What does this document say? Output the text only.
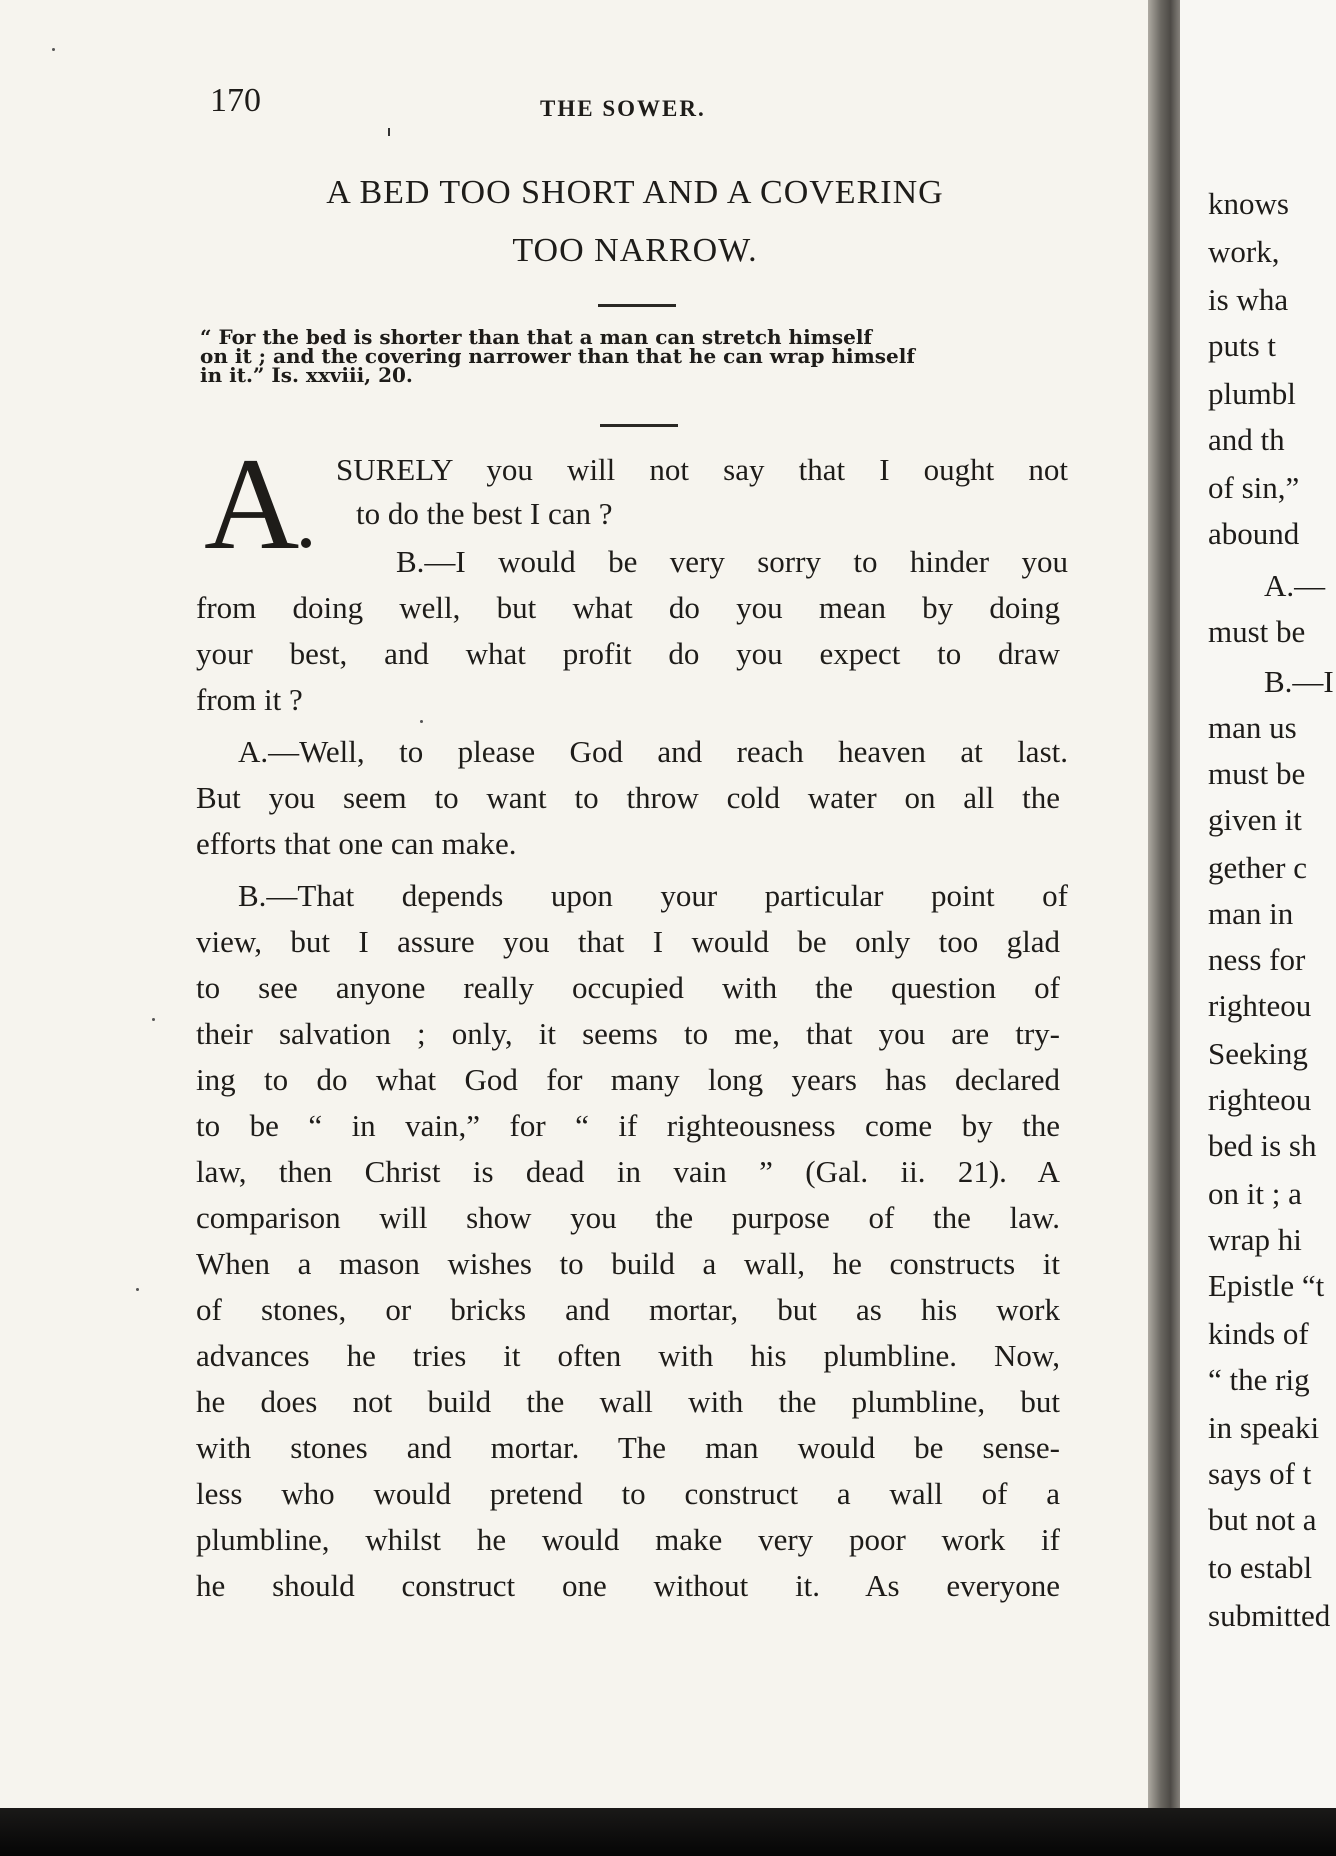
170	THE SOWER.
A BED TOO SHORT AND A COVERING
TOO NARROW.
“ For the bed is shorter than that a man can stretch himself
on it ; and the covering narrower than that he can wrap himself
in it.” Is. xxviii, 20.
A SURELY you will not say that I ought not
to do the best I can ?
B.—I would be very sorry to hinder you
from doing well, but what do you mean by doing
your best, and what profit do you expect to draw
from it ?
A.—Well, to please God and reach heaven at last.
But you seem to want to throw cold water on all the
efforts that one can make.
B.—That depends upon your particular point of
view, but I assure you that I would be only too glad
to see anyone really occupied with the question of
their salvation ; only, it seems to me, that you are try-
ing to do what God for many long years has declared
to be “ in vain,” for “ if righteousness come by the
law, then Christ is dead in vain ” (Gal. ii. 21). A
comparison will show you the purpose of the law.
When a mason wishes to build a wall, he constructs it
of stones, or bricks and mortar, but as his work
advances he tries it often with his plumbline. Now,
he does not build the wall with the plumbline, but
with stones and mortar. The man would be sense-
less who would pretend to construct a wall of a
plumbline, whilst he would make very poor work if
he should construct one without it. As everyone
knows
work,
is wha
puts t
plumbl
and th
of sin,”
abound
A.—
must be
B.—I
man us
must be
given it
gether c
man in
ness for
righteou
Seeking
righteou
bed is sh
on it ; a
wrap hi
Epistle “t
kinds of
“ the rig
in speaki
says of t
but not a
to establ
submitted
